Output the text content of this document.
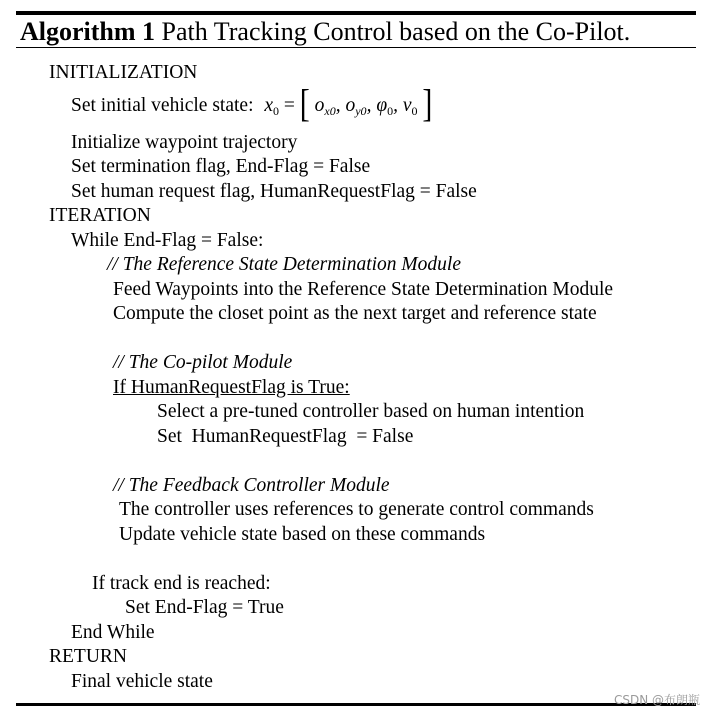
Algorithm 1 Path Tracking Control based on the Co-Pilot.
INITIALIZATION
Set initial vehicle state: $x_0$ = [ $o_{x0}$, $o_{y0}$, $\varphi_0$, $v_0$ ]
Initialize waypoint trajectory
Set termination flag, End-Flag = False
Set human request flag, HumanRequestFlag = False
ITERATION
While End-Flag = False:
// The Reference State Determination Module
Feed Waypoints into the Reference State Determination Module
Compute the closet point as the next target and reference state
// The Co-pilot Module
If HumanRequestFlag is True:
Select a pre-tuned controller based on human intention
Set  HumanRequestFlag  = False
// The Feedback Controller Module
The controller uses references to generate control commands
Update vehicle state based on these commands
If track end is reached:
Set End-Flag = True
End While
RETURN
Final vehicle state
CSDN @布朗瓶
